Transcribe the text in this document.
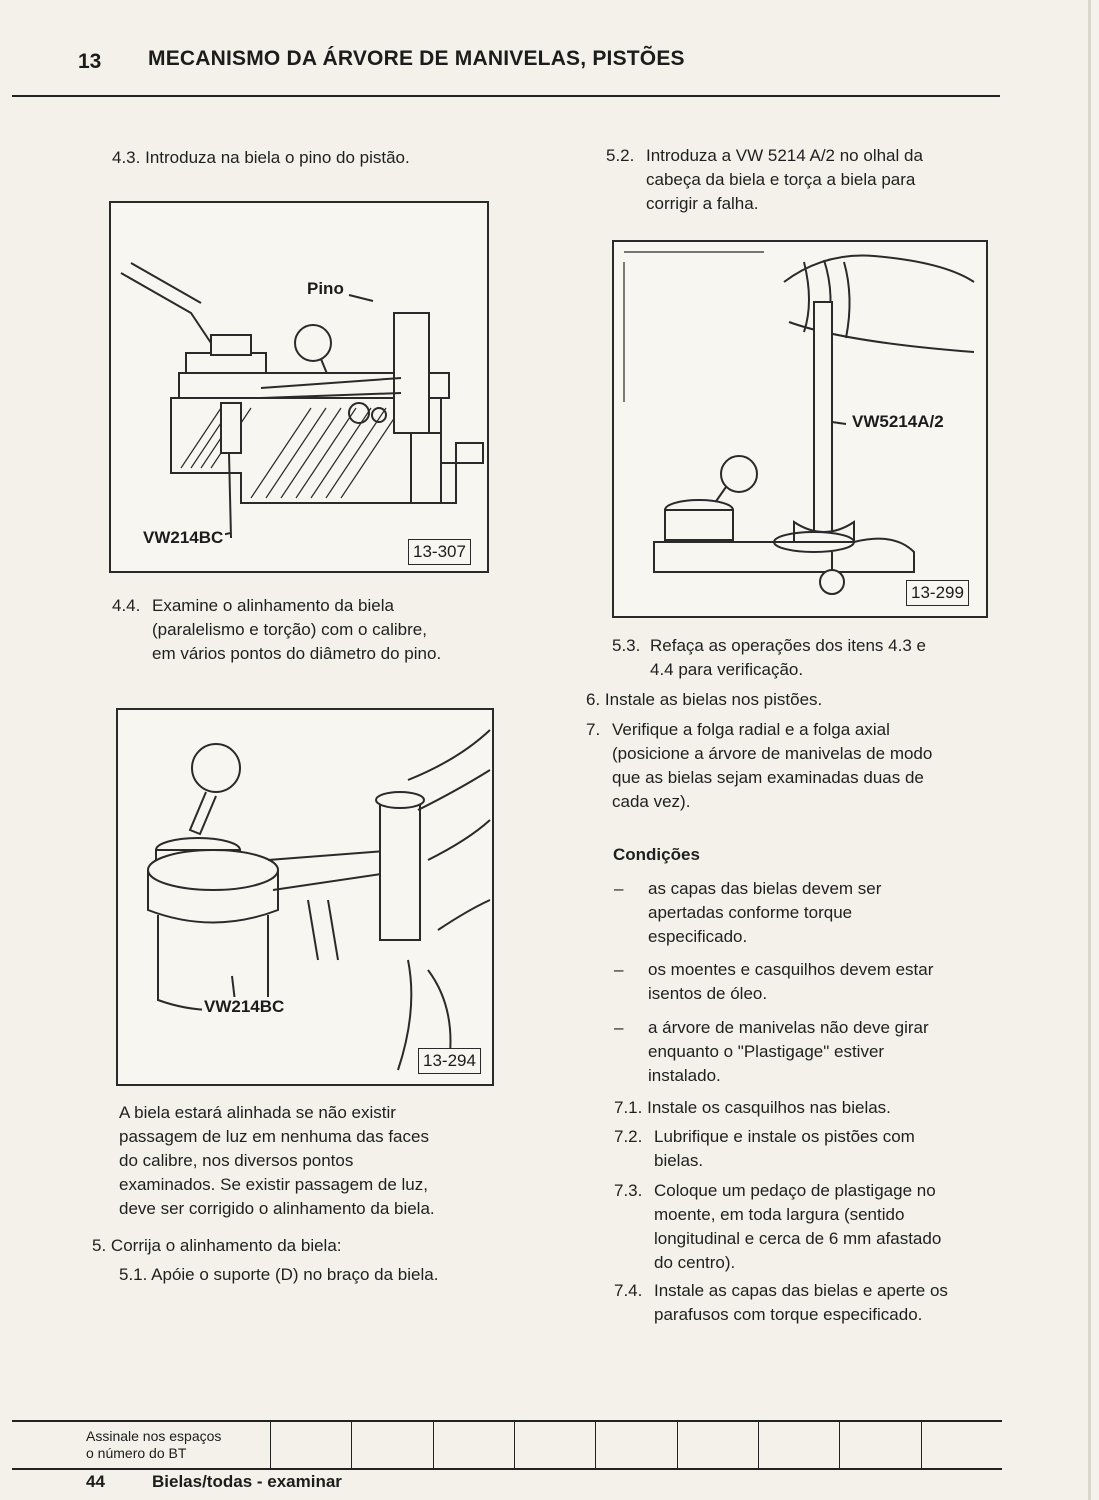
13 MECANISMO DA ÁRVORE DE MANIVELAS, PISTÕES
4.3. Introduza na biela o pino do pistão.
Pino
VW214BC
13-307
4.4. Examine o alinhamento da biela
(paralelismo e torção) com o calibre,
em vários pontos do diâmetro do pino.
VW214BC
13-294
A biela estará alinhada se não existir
passagem de luz em nenhuma das faces
do calibre, nos diversos pontos
examinados. Se existir passagem de luz,
deve ser corrigido o alinhamento da biela.
5. Corrija o alinhamento da biela:
5.1. Apóie o suporte (D) no braço da biela.
5.2. Introduza a VW 5214 A/2 no olhal da
cabeça da biela e torça a biela para
corrigir a falha.
VW5214A/2
13-299
5.3. Refaça as operações dos itens 4.3 e
4.4 para verificação.
6. Instale as bielas nos pistões.
7. Verifique a folga radial e a folga axial
(posicione a árvore de manivelas de modo
que as bielas sejam examinadas duas de
cada vez).
Condições
– as capas das bielas devem ser
apertadas conforme torque
especificado.
– os moentes e casquilhos devem estar
isentos de óleo.
– a árvore de manivelas não deve girar
enquanto o "Plastigage" estiver
instalado.
7.1. Instale os casquilhos nas bielas.
7.2. Lubrifique e instale os pistões com
bielas.
7.3. Coloque um pedaço de plastigage no
moente, em toda largura (sentido
longitudinal e cerca de 6 mm afastado
do centro).
7.4. Instale as capas das bielas e aperte os
parafusos com torque especificado.
Assinale nos espaços
o número do BT
44	Bielas/todas - examinar
